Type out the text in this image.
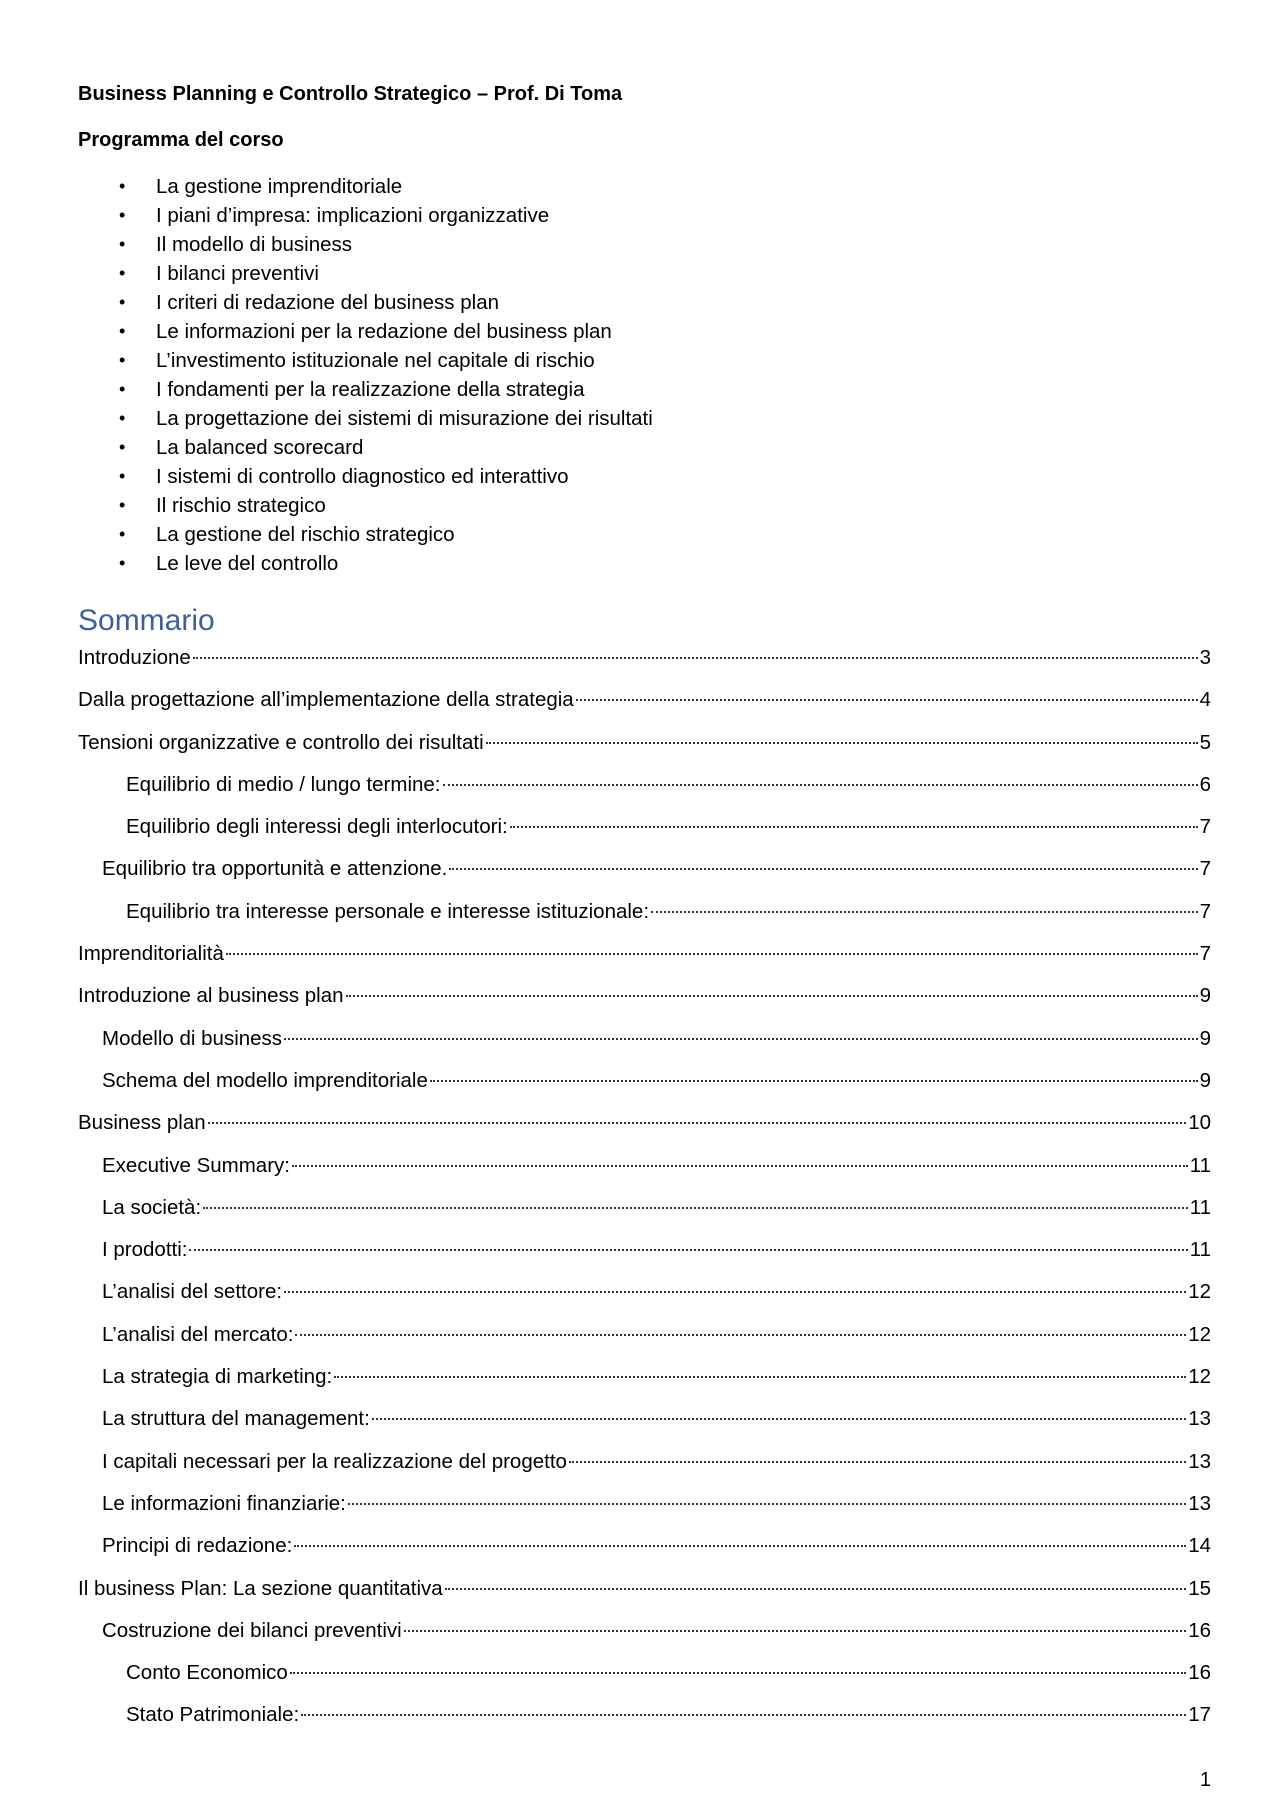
Business Planning e Controllo Strategico – Prof. Di Toma
Programma del corso
• La gestione imprenditoriale
• I piani d’impresa: implicazioni organizzative
• Il modello di business
• I bilanci preventivi
• I criteri di redazione del business plan
• Le informazioni per la redazione del business plan
• L’investimento istituzionale nel capitale di rischio
• I fondamenti per la realizzazione della strategia
• La progettazione dei sistemi di misurazione dei risultati
• La balanced scorecard
• I sistemi di controllo diagnostico ed interattivo
• Il rischio strategico
• La gestione del rischio strategico
• Le leve del controllo
Sommario
Introduzione	3
Dalla progettazione all’implementazione della strategia	4
Tensioni organizzative e controllo dei risultati	5
Equilibrio di medio / lungo termine:	6
Equilibrio degli interessi degli interlocutori:	7
Equilibrio tra opportunità e attenzione.	7
Equilibrio tra interesse personale e interesse istituzionale:	7
Imprenditorialità	7
Introduzione al business plan	9
Modello di business	9
Schema del modello imprenditoriale	9
Business plan	10
Executive Summary:	11
La società:	11
I prodotti:	11
L’analisi del settore:	12
L’analisi del mercato:	12
La strategia di marketing:	12
La struttura del management:	13
I capitali necessari per la realizzazione del progetto	13
Le informazioni finanziarie:	13
Principi di redazione:	14
Il business Plan: La sezione quantitativa	15
Costruzione dei bilanci preventivi	16
Conto Economico	16
Stato Patrimoniale:	17
1
